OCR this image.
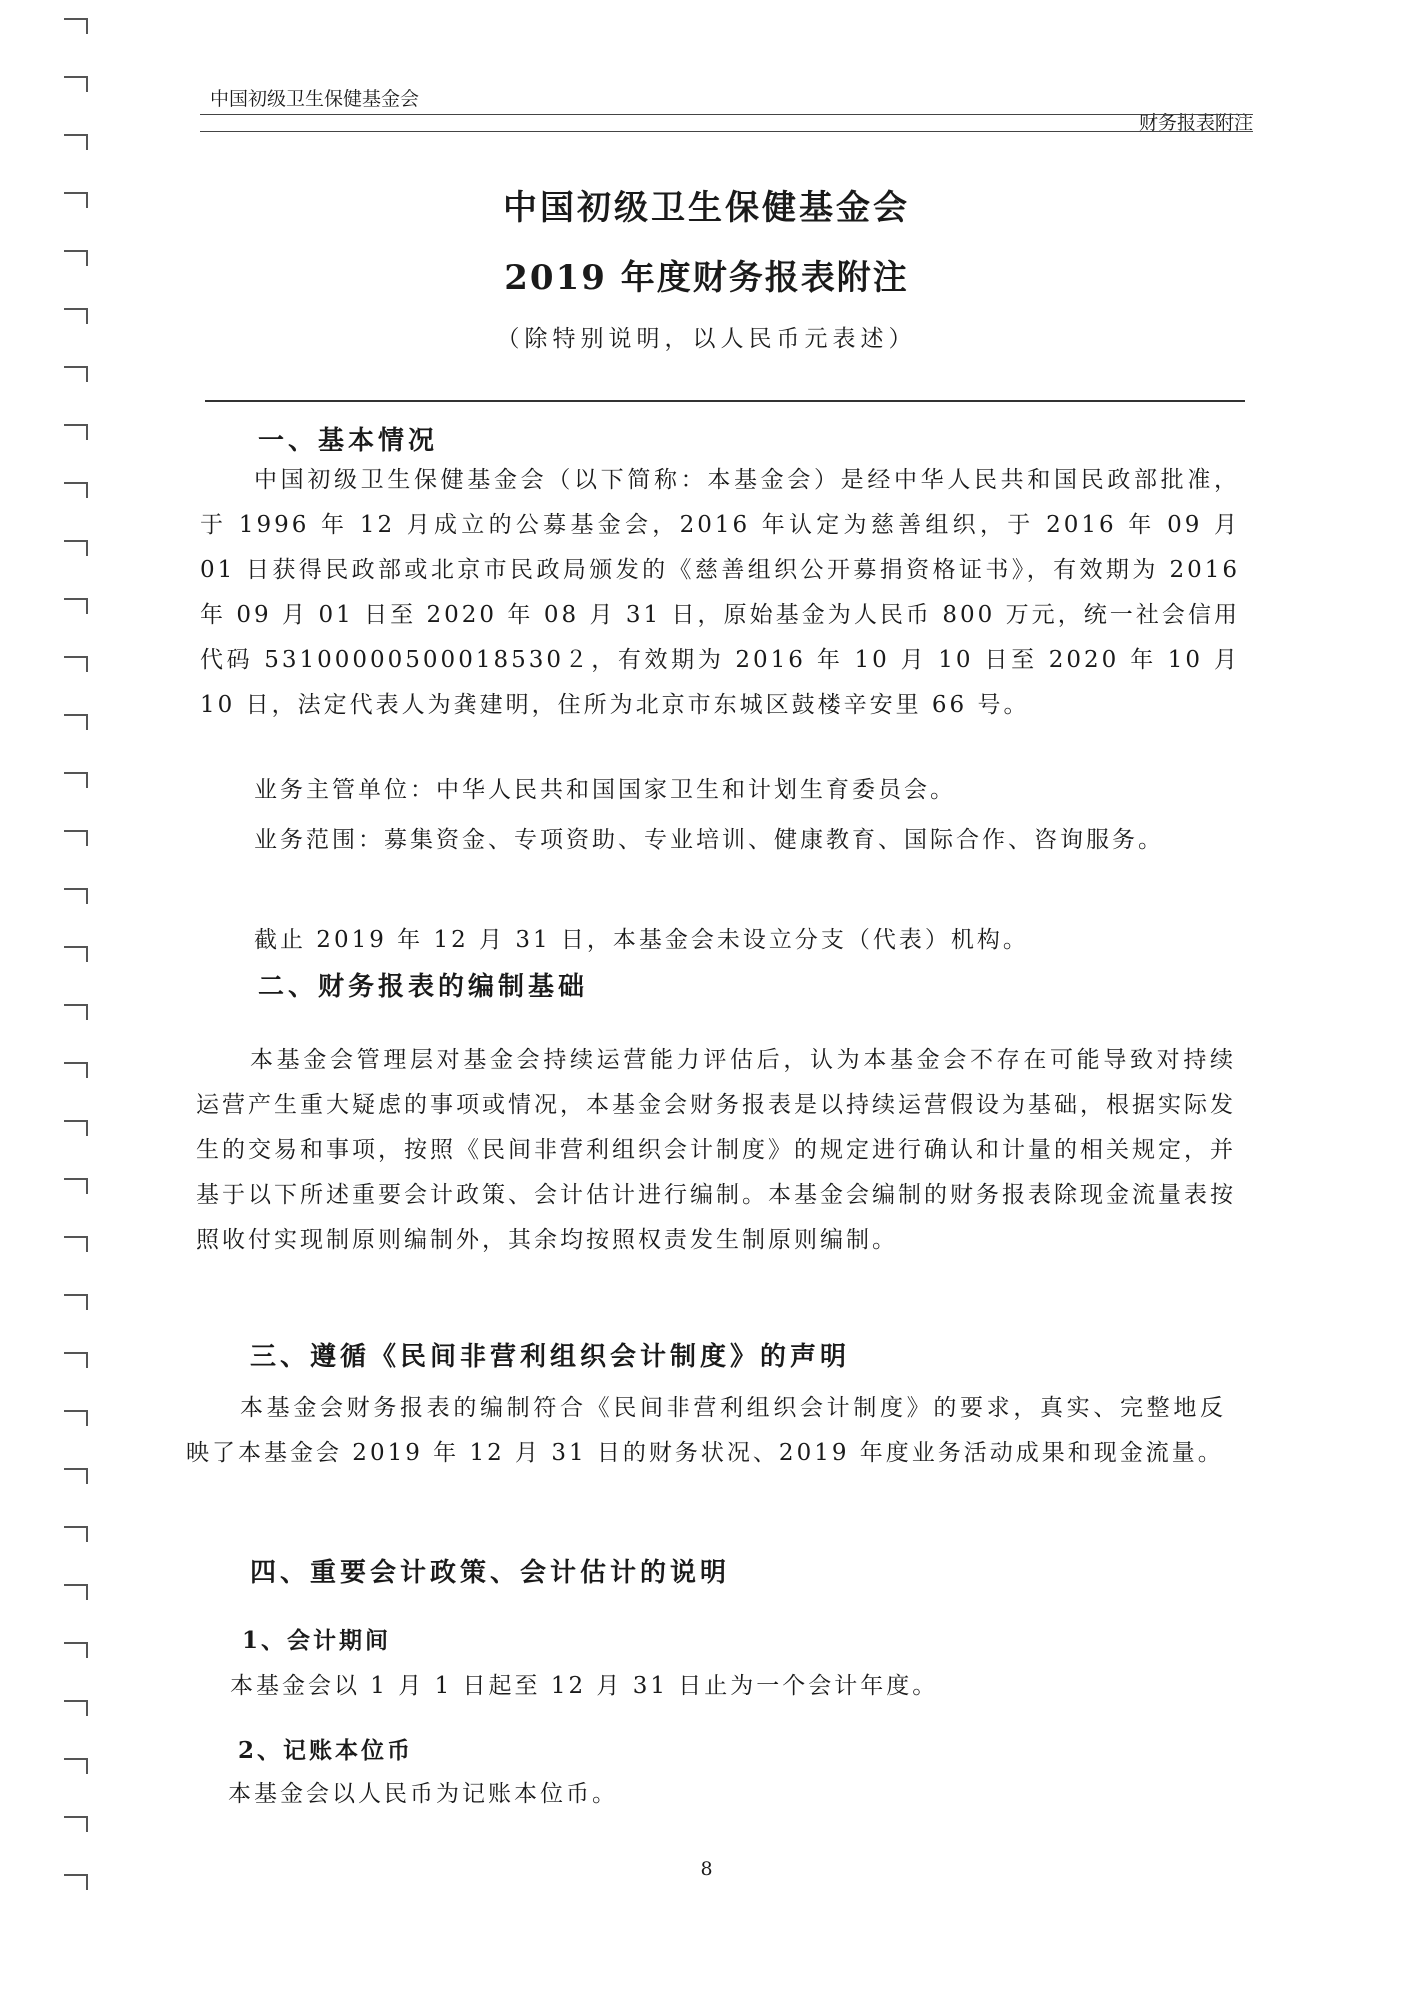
中国初级卫生保健基金会
财务报表附注
中国初级卫生保健基金会
2019 年度财务报表附注
（除特别说明，以人民币元表述）
一、基本情况

中国初级卫生保健基金会（以下简称：本基金会）是经中华人民共和国民政部批准，于 1996 年 12 月成立的公募基金会，2016 年认定为慈善组织，于 2016 年 09 月 01 日获得民政部或北京市民政局颁发的《慈善组织公开募捐资格证书》，有效期为 2016 年 09 月 01 日至 2020 年 08 月 31 日，原始基金为人民币 800 万元，统一社会信用代码 53100000500018530２，有效期为 2016 年 10 月 10 日至 2020 年 10 月 10 日，法定代表人为龚建明，住所为北京市东城区鼓楼辛安里 66 号。

业务主管单位：中华人民共和国国家卫生和计划生育委员会。

业务范围：募集资金、专项资助、专业培训、健康教育、国际合作、咨询服务。

截止 2019 年 12 月 31 日，本基金会未设立分支（代表）机构。

二、财务报表的编制基础

本基金会管理层对基金会持续运营能力评估后，认为本基金会不存在可能导致对持续运营产生重大疑虑的事项或情况，本基金会财务报表是以持续运营假设为基础，根据实际发生的交易和事项，按照《民间非营利组织会计制度》的规定进行确认和计量的相关规定，并基于以下所述重要会计政策、会计估计进行编制。本基金会编制的财务报表除现金流量表按照收付实现制原则编制外，其余均按照权责发生制原则编制。

三、遵循《民间非营利组织会计制度》的声明

本基金会财务报表的编制符合《民间非营利组织会计制度》的要求，真实、完整地反映了本基金会 2019 年 12 月 31 日的财务状况、2019 年度业务活动成果和现金流量。

四、重要会计政策、会计估计的说明
1、会计期间

本基金会以 1 月 1 日起至 12 月 31 日止为一个会计年度。

2、记账本位币

本基金会以人民币为记账本位币。

8
